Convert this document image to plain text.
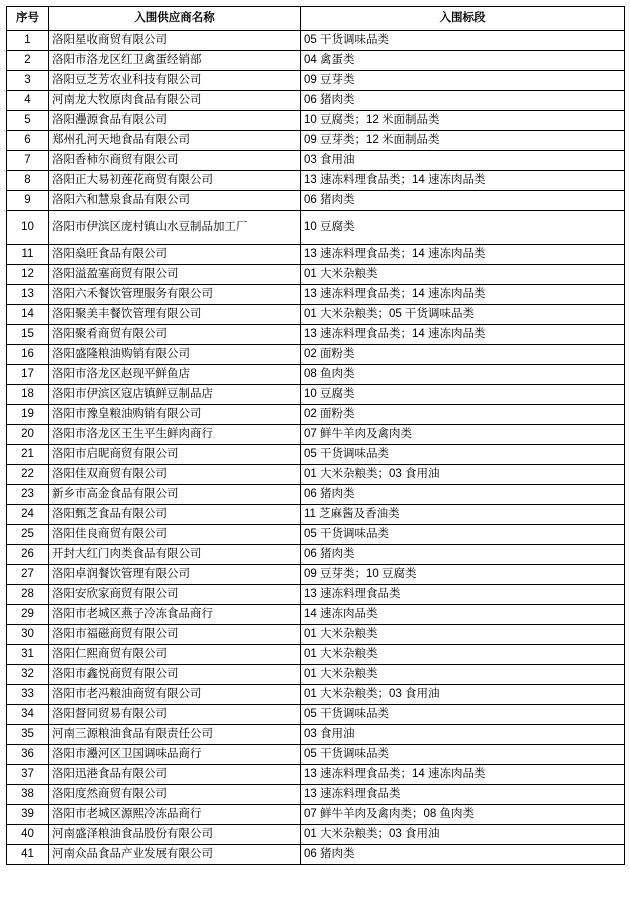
序号	入围供应商名称	入围标段
1	洛阳星收商贸有限公司	05 干货调味品类
2	洛阳市洛龙区红卫禽蛋经销部	04 禽蛋类
3	洛阳豆芝芳农业科技有限公司	09 豆芽类
4	河南龙大牧原肉食品有限公司	06 猪肉类
5	洛阳灅源食品有限公司	10 豆腐类；12 米面制品类
6	郑州孔河天地食品有限公司	09 豆芽类；12 米面制品类
7	洛阳香柿尔商贸有限公司	03 食用油
8	洛阳正大易初莲花商贸有限公司	13 速冻料理食品类；14 速冻肉品类
9	洛阳六和慧泉食品有限公司	06 猪肉类
10	洛阳市伊滨区庞村镇山水豆制品加工厂	10 豆腐类
11	洛阳燊旺食品有限公司	13 速冻料理食品类；14 速冻肉品类
12	洛阳溢盈塞商贸有限公司	01 大米杂粮类
13	洛阳六禾餐饮管理服务有限公司	13 速冻料理食品类；14 速冻肉品类
14	洛阳聚美丰餐饮管理有限公司	01 大米杂粮类；05 干货调味品类
15	洛阳聚肴商贸有限公司	13 速冻料理食品类；14 速冻肉品类
16	洛阳盛隆粮油购销有限公司	02 面粉类
17	洛阳市洛龙区赵现平鲜鱼店	08 鱼肉类
18	洛阳市伊滨区寇店镇鲜豆制品店	10 豆腐类
19	洛阳市豫皇粮油购销有限公司	02 面粉类
20	洛阳市洛龙区王生平生鲜肉商行	07 鲜牛羊肉及禽肉类
21	洛阳市启昵商贸有限公司	05 干货调味品类
22	洛阳佳双商贸有限公司	01 大米杂粮类；03 食用油
23	新乡市高金食品有限公司	06 猪肉类
24	洛阳甄芝食品有限公司	11 芝麻酱及香油类
25	洛阳佳良商贸有限公司	05 干货调味品类
26	开封大红门肉类食品有限公司	06 猪肉类
27	洛阳卓润餐饮管理有限公司	09 豆芽类；10 豆腐类
28	洛阳安欣家商贸有限公司	13 速冻料理食品类
29	洛阳市老城区燕子冷冻食品商行	14 速冻肉品类
30	洛阳市福磁商贸有限公司	01 大米杂粮类
31	洛阳仁熙商贸有限公司	01 大米杂粮类
32	洛阳市鑫悦商贸有限公司	01 大米杂粮类
33	洛阳市老冯粮油商贸有限公司	01 大米杂粮类；03 食用油
34	洛阳督同贸易有限公司	05 干货调味品类
35	河南三源粮油食品有限责任公司	03 食用油
36	洛阳市灅河区卫国调味品商行	05 干货调味品类
37	洛阳迅港食品有限公司	13 速冻料理食品类；14 速冻肉品类
38	洛阳度然商贸有限公司	13 速冻料理食品类
39	洛阳市老城区源熙冷冻品商行	07 鲜牛羊肉及禽肉类；08 鱼肉类
40	河南盛泽粮油食品股份有限公司	01 大米杂粮类；03 食用油
41	河南众品食品产业发展有限公司	06 猪肉类
